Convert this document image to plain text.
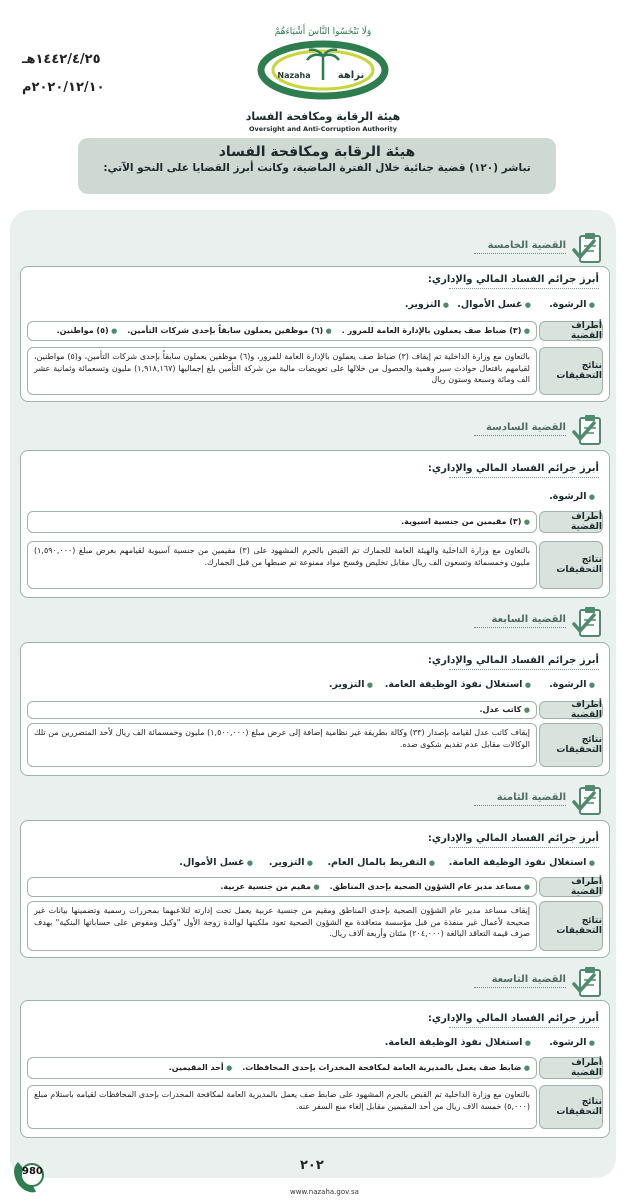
١٤٤٢/٤/٢٥هـ
٢٠٢٠/١٢/١٠م
وَلَا تَبْخَسُوا النَّاسَ أَشْيَاءَهُمْ
Nazaha	نزاهة
هيئة الرقابة ومكافحة الفساد
Oversight and Anti-Corruption Authority
هيئة الرقابة ومكافحة الفساد

تباشر (١٢٠) قضية جنائية خلال الفترة الماضية، وكانت أبرز القضايا على النحو الآتي:

القضية الخامسة
أبرز جرائم الفساد المالي والإداري:
● الرشوة.
● غسل الأموال.
● التزوير.
أطراف القضية
● (٣) ضباط صف يعملون بالإدارة العامة للمرور .
● (٦) موظفين يعملون سابقاً بإحدى شركات التأمين.
● (٥) مواطنين.
نتائج التحقيقات
بالتعاون مع وزارة الداخلية تم إيقاف (٣) ضباط صف يعملون بالإدارة العامة للمرور، و(٦) موظفين يعملون سابقاً بإحدى شركات التأمين، و(٥) مواطنين، لقيامهم بافتعال حوادث سير وهمية والحصول من خلالها على تعويضات مالية من شركة التأمين بلغ إجماليها (١,٩١٨,١٦٧) مليون وتسعمائة وثمانية عشر الف ومائة وسبعة وستون ريال
القضية السادسة
أبرز جرائم الفساد المالي والإداري:
● الرشوة.
أطراف القضية
● (٣) مقيمين من جنسية اسيوية.
نتائج التحقيقات
بالتعاون مع وزارة الداخلية والهيئة العامة للجمارك تم القبض بالجرم المشهود على (٣) مقيمين من جنسية آسيوية لقيامهم بعرض مبلغ (١,٥٩٠,٠٠٠) مليون وخمسمائة وتسعون الف ريال مقابل تخليص وفسح مواد ممنوعة تم ضبطها من قبل الجمارك.
القضية السابعة
أبرز جرائم الفساد المالي والإداري:
● الرشوة.
● استغلال نفوذ الوظيفة العامة.
● التزوير.
أطراف القضية
● كاتب عدل.
نتائج التحقيقات
إيقاف كاتب عدل لقيامه بإصدار (٣٣) وكالة بطريقة غير نظامية إضافة إلى عرض مبلغ (١,٥٠٠,٠٠٠) مليون وخمسمائة الف ريال لأحد المتضررين من تلك الوكالات مقابل عدم تقديم شكوى ضده.
القضية الثامنة
أبرز جرائم الفساد المالي والإداري:
● استغلال نفوذ الوظيفة العامة.
● التفريط بالمال العام.
● التزوير.
● غسل الأموال.
أطراف القضية
● مساعد مدير عام الشؤون الصحية بإحدى المناطق.
● مقيم من جنسية عربية.
نتائج التحقيقات
إيقاف مساعد مدير عام الشؤون الصحية بإحدى المناطق ومقيم من جنسية عربية يعمل تحت إدارته لتلاعبهما بمحررات رسمية وتضمينها بيانات غير صحيحة لأعمال غير منفذة من قبل مؤسسة متعاقدة مع الشؤون الصحية تعود ملكيتها لوالدة زوجة الأول "وكيل ومفوض على حساباتها البنكية" بهدف صرف قيمة التعاقد البالغة (٢٠٤,٠٠٠) مئتان وأربعة آلاف ريال.
القضية التاسعة
أبرز جرائم الفساد المالي والإداري:
● الرشوة.
● استغلال نفوذ الوظيفة العامة.
أطراف القضية
● ضابط صف يعمل بالمديرية العامة لمكافحة المخدرات بإحدى المحافظات.
● أحد المقيمين.
نتائج التحقيقات
بالتعاون مع وزارة الداخلية تم القبض بالجرم المشهود على ضابط صف يعمل بالمديرية العامة لمكافحة المخدرات بإحدى المحافظات لقيامه باستلام مبلغ (٥,٠٠٠) خمسة الاف ريال من أحد المقيمين مقابل إلغاء منع السفر عنه.
٢٠٢
www.nazaha.gov.sa
980
